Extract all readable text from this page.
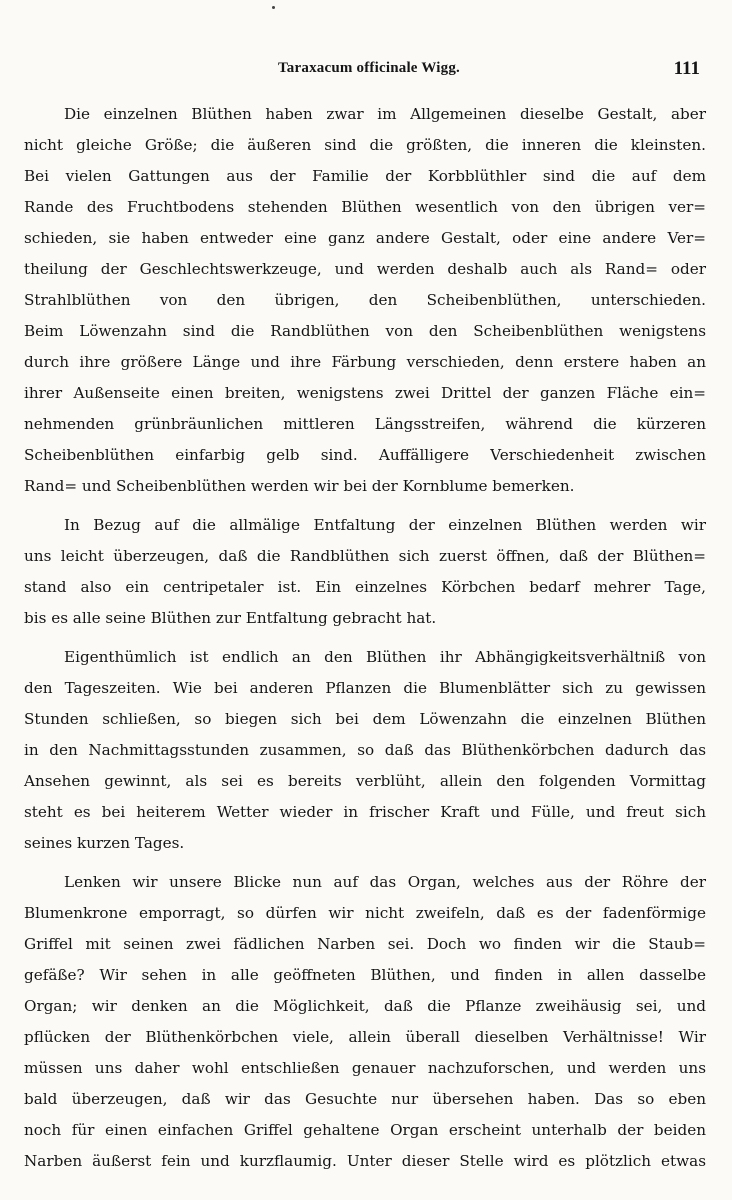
Taraxacum officinale Wigg.	111
Die einzelnen Blüthen haben zwar im Allgemeinen dieselbe Gestalt, aber
nicht gleiche Größe; die äußeren sind die größten, die inneren die kleinsten.
Bei vielen Gattungen aus der Familie der Korbblüthler sind die auf dem
Rande des Fruchtbodens stehenden Blüthen wesentlich von den übrigen ver=
schieden, sie haben entweder eine ganz andere Gestalt, oder eine andere Ver=
theilung der Geschlechtswerkzeuge, und werden deshalb auch als Rand= oder
Strahlblüthen von den übrigen, den Scheibenblüthen, unterschieden.
Beim Löwenzahn sind die Randblüthen von den Scheibenblüthen wenigstens
durch ihre größere Länge und ihre Färbung verschieden, denn erstere haben an
ihrer Außenseite einen breiten, wenigstens zwei Drittel der ganzen Fläche ein=
nehmenden grünbräunlichen mittleren Längsstreifen, während die kürzeren
Scheibenblüthen einfarbig gelb sind. Auffälligere Verschiedenheit zwischen
Rand= und Scheibenblüthen werden wir bei der Kornblume bemerken.
In Bezug auf die allmälige Entfaltung der einzelnen Blüthen werden wir
uns leicht überzeugen, daß die Randblüthen sich zuerst öffnen, daß der Blüthen=
stand also ein centripetaler ist. Ein einzelnes Körbchen bedarf mehrer Tage,
bis es alle seine Blüthen zur Entfaltung gebracht hat.
Eigenthümlich ist endlich an den Blüthen ihr Abhängigkeitsverhältniß von
den Tageszeiten. Wie bei anderen Pflanzen die Blumenblätter sich zu gewissen
Stunden schließen, so biegen sich bei dem Löwenzahn die einzelnen Blüthen
in den Nachmittagsstunden zusammen, so daß das Blüthenkörbchen dadurch das
Ansehen gewinnt, als sei es bereits verblüht, allein den folgenden Vormittag
steht es bei heiterem Wetter wieder in frischer Kraft und Fülle, und freut sich
seines kurzen Tages.
Lenken wir unsere Blicke nun auf das Organ, welches aus der Röhre der
Blumenkrone emporragt, so dürfen wir nicht zweifeln, daß es der fadenförmige
Griffel mit seinen zwei fädlichen Narben sei. Doch wo finden wir die Staub=
gefäße? Wir sehen in alle geöffneten Blüthen, und finden in allen dasselbe
Organ; wir denken an die Möglichkeit, daß die Pflanze zweihäusig sei, und
pflücken der Blüthenkörbchen viele, allein überall dieselben Verhältnisse! Wir
müssen uns daher wohl entschließen genauer nachzuforschen, und werden uns
bald überzeugen, daß wir das Gesuchte nur übersehen haben. Das so eben
noch für einen einfachen Griffel gehaltene Organ erscheint unterhalb der beiden
Narben äußerst fein und kurzflaumig. Unter dieser Stelle wird es plötzlich etwas
